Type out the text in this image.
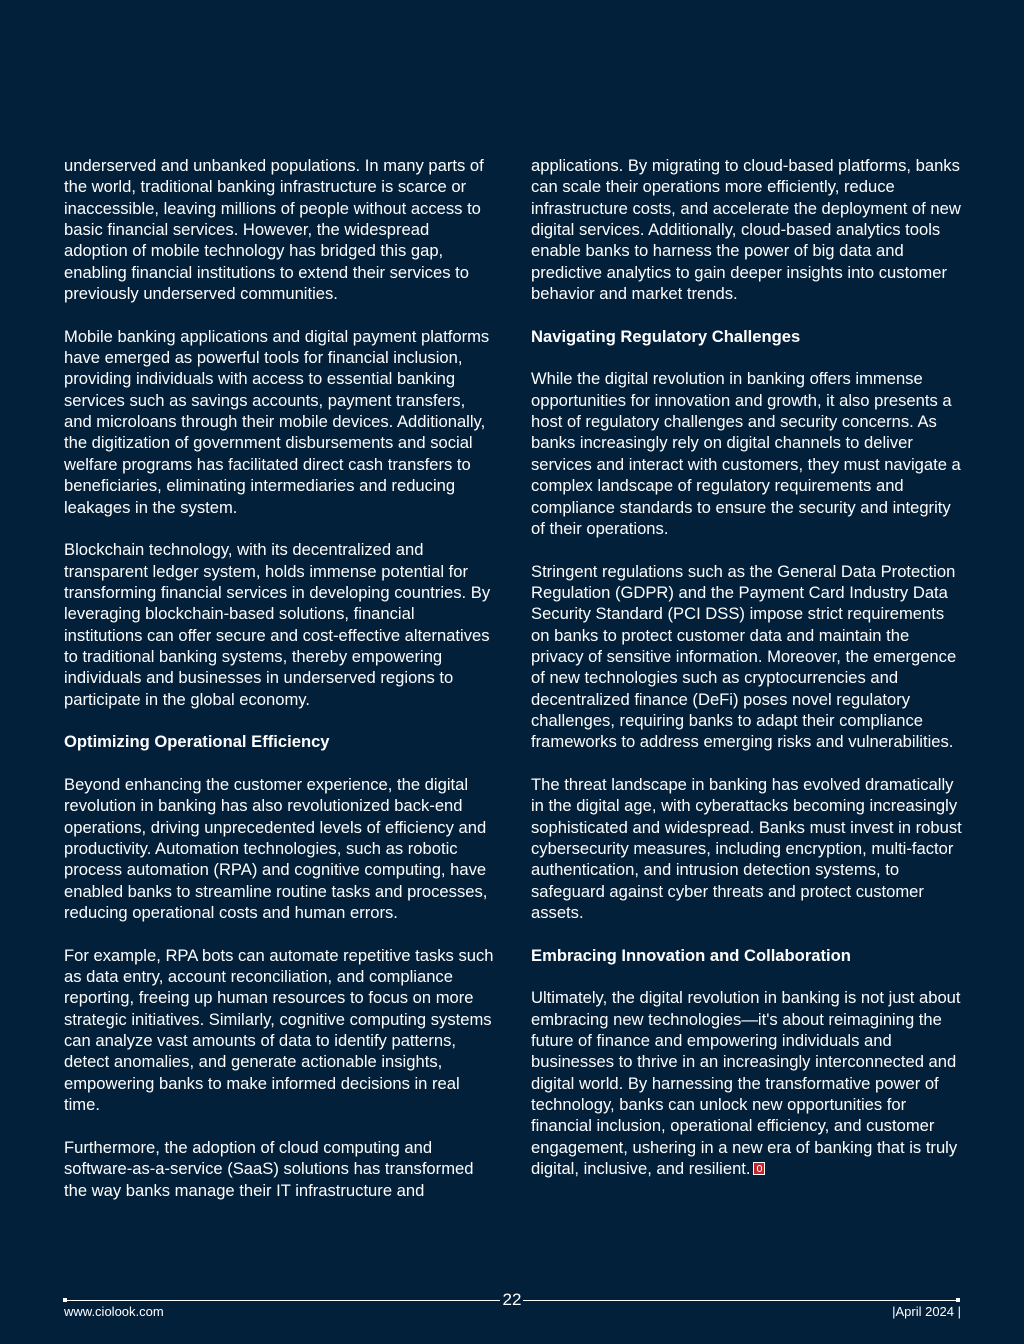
underserved and unbanked populations. In many parts of the world, traditional banking infrastructure is scarce or inaccessible, leaving millions of people without access to basic financial services. However, the widespread adoption of mobile technology has bridged this gap, enabling financial institutions to extend their services to previously underserved communities.

Mobile banking applications and digital payment platforms have emerged as powerful tools for financial inclusion, providing individuals with access to essential banking services such as savings accounts, payment transfers, and microloans through their mobile devices. Additionally, the digitization of government disbursements and social welfare programs has facilitated direct cash transfers to beneficiaries, eliminating intermediaries and reducing leakages in the system.

Blockchain technology, with its decentralized and transparent ledger system, holds immense potential for transforming financial services in developing countries. By leveraging blockchain-based solutions, financial institutions can offer secure and cost-effective alternatives to traditional banking systems, thereby empowering individuals and businesses in underserved regions to participate in the global economy.

Optimizing Operational Efficiency

Beyond enhancing the customer experience, the digital revolution in banking has also revolutionized back-end operations, driving unprecedented levels of efficiency and productivity. Automation technologies, such as robotic process automation (RPA) and cognitive computing, have enabled banks to streamline routine tasks and processes, reducing operational costs and human errors.

For example, RPA bots can automate repetitive tasks such as data entry, account reconciliation, and compliance reporting, freeing up human resources to focus on more strategic initiatives. Similarly, cognitive computing systems can analyze vast amounts of data to identify patterns, detect anomalies, and generate actionable insights, empowering banks to make informed decisions in real time.

Furthermore, the adoption of cloud computing and software-as-a-service (SaaS) solutions has transformed the way banks manage their IT infrastructure and

applications. By migrating to cloud-based platforms, banks can scale their operations more efficiently, reduce infrastructure costs, and accelerate the deployment of new digital services. Additionally, cloud-based analytics tools enable banks to harness the power of big data and predictive analytics to gain deeper insights into customer behavior and market trends.

Navigating Regulatory Challenges

While the digital revolution in banking offers immense opportunities for innovation and growth, it also presents a host of regulatory challenges and security concerns. As banks increasingly rely on digital channels to deliver services and interact with customers, they must navigate a complex landscape of regulatory requirements and compliance standards to ensure the security and integrity of their operations.

Stringent regulations such as the General Data Protection Regulation (GDPR) and the Payment Card Industry Data Security Standard (PCI DSS) impose strict requirements on banks to protect customer data and maintain the privacy of sensitive information. Moreover, the emergence of new technologies such as cryptocurrencies and decentralized finance (DeFi) poses novel regulatory challenges, requiring banks to adapt their compliance frameworks to address emerging risks and vulnerabilities.

The threat landscape in banking has evolved dramatically in the digital age, with cyberattacks becoming increasingly sophisticated and widespread. Banks must invest in robust cybersecurity measures, including encryption, multi-factor authentication, and intrusion detection systems, to safeguard against cyber threats and protect customer assets.

Embracing Innovation and Collaboration

Ultimately, the digital revolution in banking is not just about embracing new technologies—it's about reimagining the future of finance and empowering individuals and businesses to thrive in an increasingly interconnected and digital world. By harnessing the transformative power of technology, banks can unlock new opportunities for financial inclusion, operational efficiency, and customer engagement, ushering in a new era of banking that is truly digital, inclusive, and resilient.

22
www.ciolook.com	|April 2024 |
